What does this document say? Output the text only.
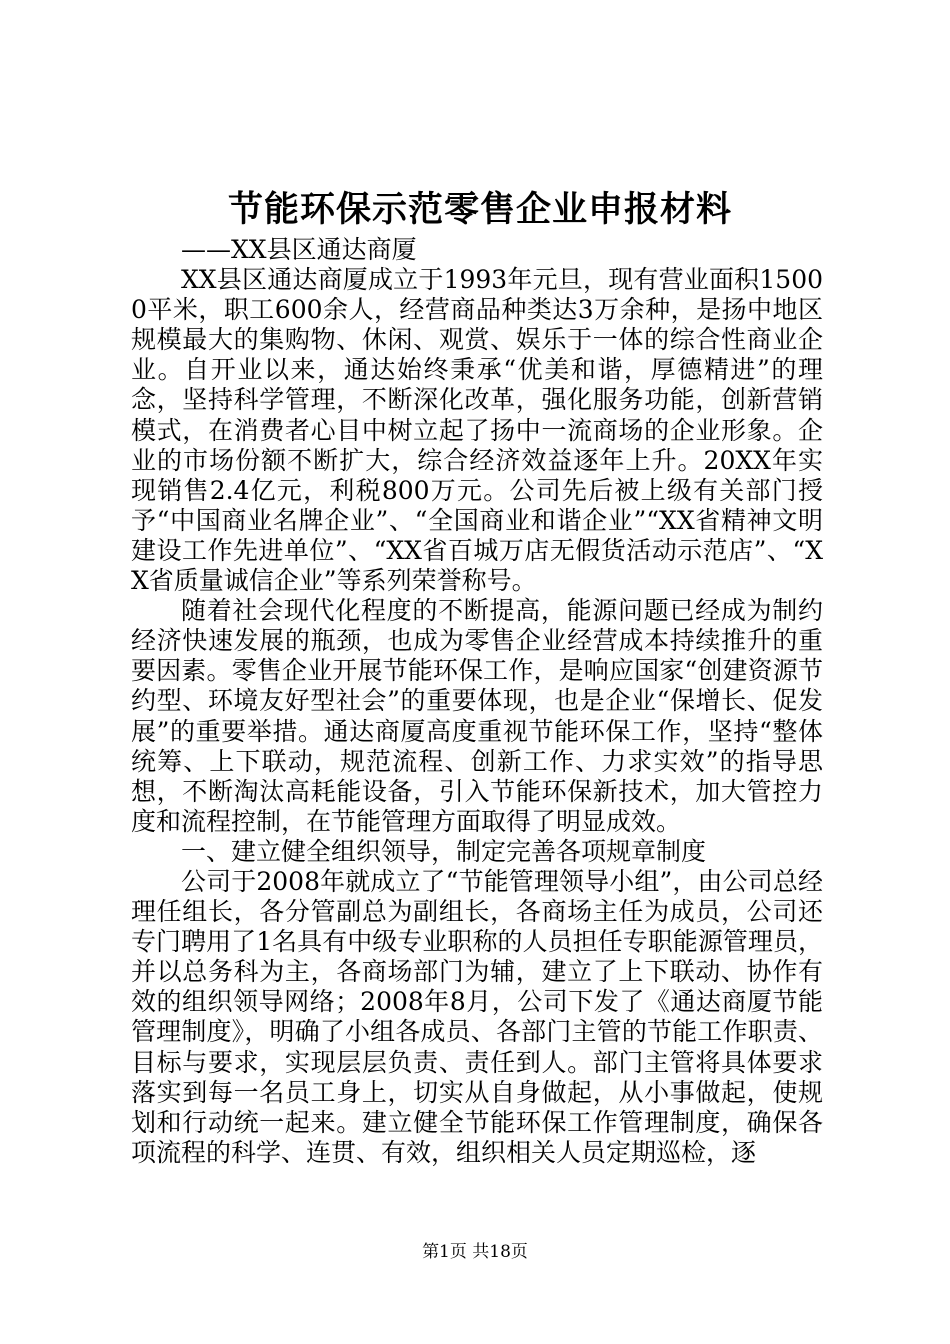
节能环保示范零售企业申报材料

——XX县区通达商厦

XX县区通达商厦成立于1993年元旦，现有营业面积15000平米，职工600余人，经营商品种类达3万余种，是扬中地区规模最大的集购物、休闲、观赏、娱乐于一体的综合性商业企业。自开业以来，通达始终秉承“优美和谐，厚德精进”的理念，坚持科学管理，不断深化改革，强化服务功能，创新营销模式，在消费者心目中树立起了扬中一流商场的企业形象。企业的市场份额不断扩大，综合经济效益逐年上升。20XX年实现销售2.4亿元，利税800万元。公司先后被上级有关部门授予“中国商业名牌企业”、“全国商业和谐企业”“XX省精神文明建设工作先进单位”、“XX省百城万店无假货活动示范店”、“XX省质量诚信企业”等系列荣誉称号。

随着社会现代化程度的不断提高，能源问题已经成为制约经济快速发展的瓶颈，也成为零售企业经营成本持续推升的重要因素。零售企业开展节能环保工作，是响应国家“创建资源节约型、环境友好型社会”的重要体现，也是企业“保增长、促发展”的重要举措。通达商厦高度重视节能环保工作，坚持“整体统筹、上下联动，规范流程、创新工作、力求实效”的指导思想，不断淘汰高耗能设备，引入节能环保新技术，加大管控力度和流程控制，在节能管理方面取得了明显成效。

一、建立健全组织领导，制定完善各项规章制度

公司于2008年就成立了“节能管理领导小组”，由公司总经理任组长，各分管副总为副组长，各商场主任为成员，公司还专门聘用了1名具有中级专业职称的人员担任专职能源管理员，并以总务科为主，各商场部门为辅，建立了上下联动、协作有效的组织领导网络；2008年8月，公司下发了《通达商厦节能管理制度》，明确了小组各成员、各部门主管的节能工作职责、目标与要求，实现层层负责、责任到人。部门主管将具体要求落实到每一名员工身上，切实从自身做起，从小事做起，使规划和行动统一起来。建立健全节能环保工作管理制度，确保各项流程的科学、连贯、有效，组织相关人员定期巡检，逐

第1页 共18页
